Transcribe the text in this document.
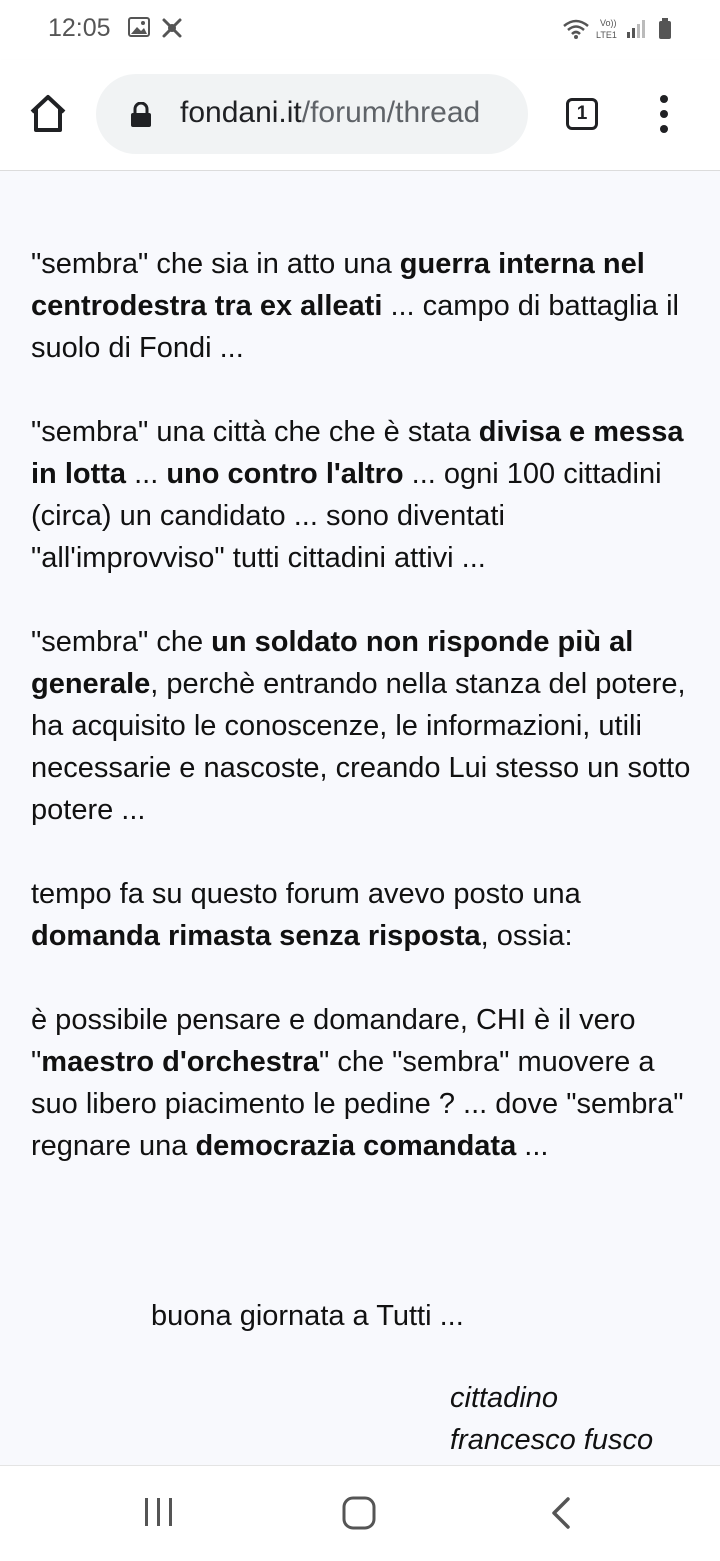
12:05	Vo))
LTE1
fondani.it/forum/thread	1

"sembra" che sia in atto una guerra interna nel centrodestra tra ex alleati ... campo di battaglia il suolo di Fondi ...

"sembra" una città che che è stata divisa e messa in lotta ... uno contro l'altro ... ogni 100 cittadini (circa) un candidato ... sono diventati "all'improvviso" tutti cittadini attivi ...

"sembra" che un soldato non risponde più al generale, perchè entrando nella stanza del potere, ha acquisito le conoscenze, le informazioni, utili necessarie e nascoste, creando Lui stesso un sotto potere ...

tempo fa su questo forum avevo posto una domanda rimasta senza risposta, ossia:

è possibile pensare e domandare, CHI è il vero "maestro d'orchestra" che "sembra" muovere a suo libero piacimento le pedine ? ... dove "sembra" regnare una democrazia comandata ...

buona giornata a Tutti ...
cittadino
francesco fusco
